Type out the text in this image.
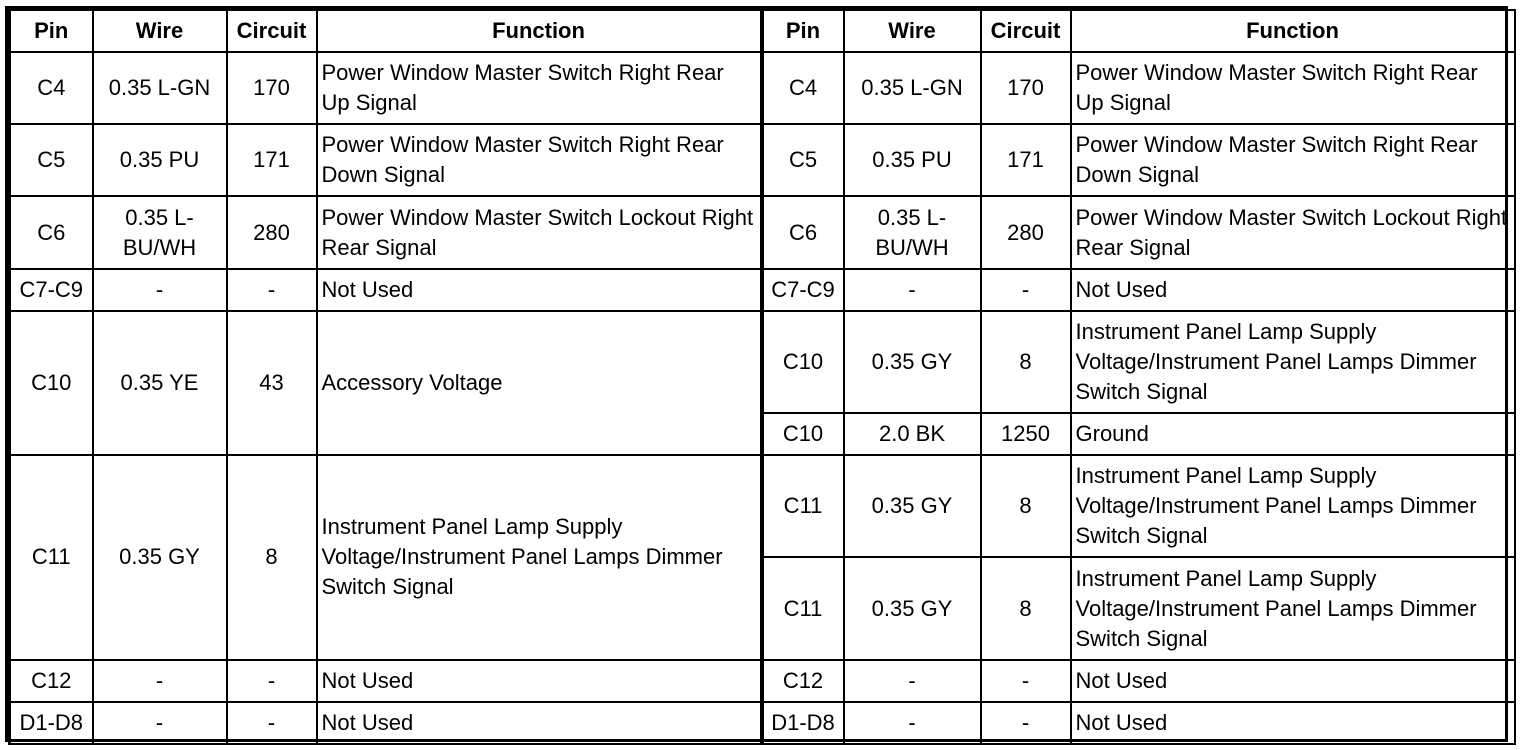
Pin	Wire	Circuit	Function
C4	0.35 L-GN	170	Power Window Master Switch Right Rear Up Signal
C5	0.35 PU	171	Power Window Master Switch Right Rear Down Signal
C6	0.35 L-BU/WH	280	Power Window Master Switch Lockout Right Rear Signal
C7-C9	-	-	Not Used
C10	0.35 YE	43	Accessory Voltage
C11	0.35 GY	8	Instrument Panel Lamp Supply Voltage/Instrument Panel Lamps Dimmer Switch Signal
C12	-	-	Not Used
D1-D8	-	-	Not Used
Pin	Wire	Circuit	Function
C4	0.35 L-GN	170	Power Window Master Switch Right Rear Up Signal
C5	0.35 PU	171	Power Window Master Switch Right Rear Down Signal
C6	0.35 L-BU/WH	280	Power Window Master Switch Lockout Right Rear Signal
C7-C9	-	-	Not Used
C10	0.35 GY	8	Instrument Panel Lamp Supply Voltage/Instrument Panel Lamps Dimmer Switch Signal
C10	2.0 BK	1250	Ground
C11	0.35 GY	8	Instrument Panel Lamp Supply Voltage/Instrument Panel Lamps Dimmer Switch Signal
C11	0.35 GY	8	Instrument Panel Lamp Supply Voltage/Instrument Panel Lamps Dimmer Switch Signal
C12	-	-	Not Used
D1-D8	-	-	Not Used
